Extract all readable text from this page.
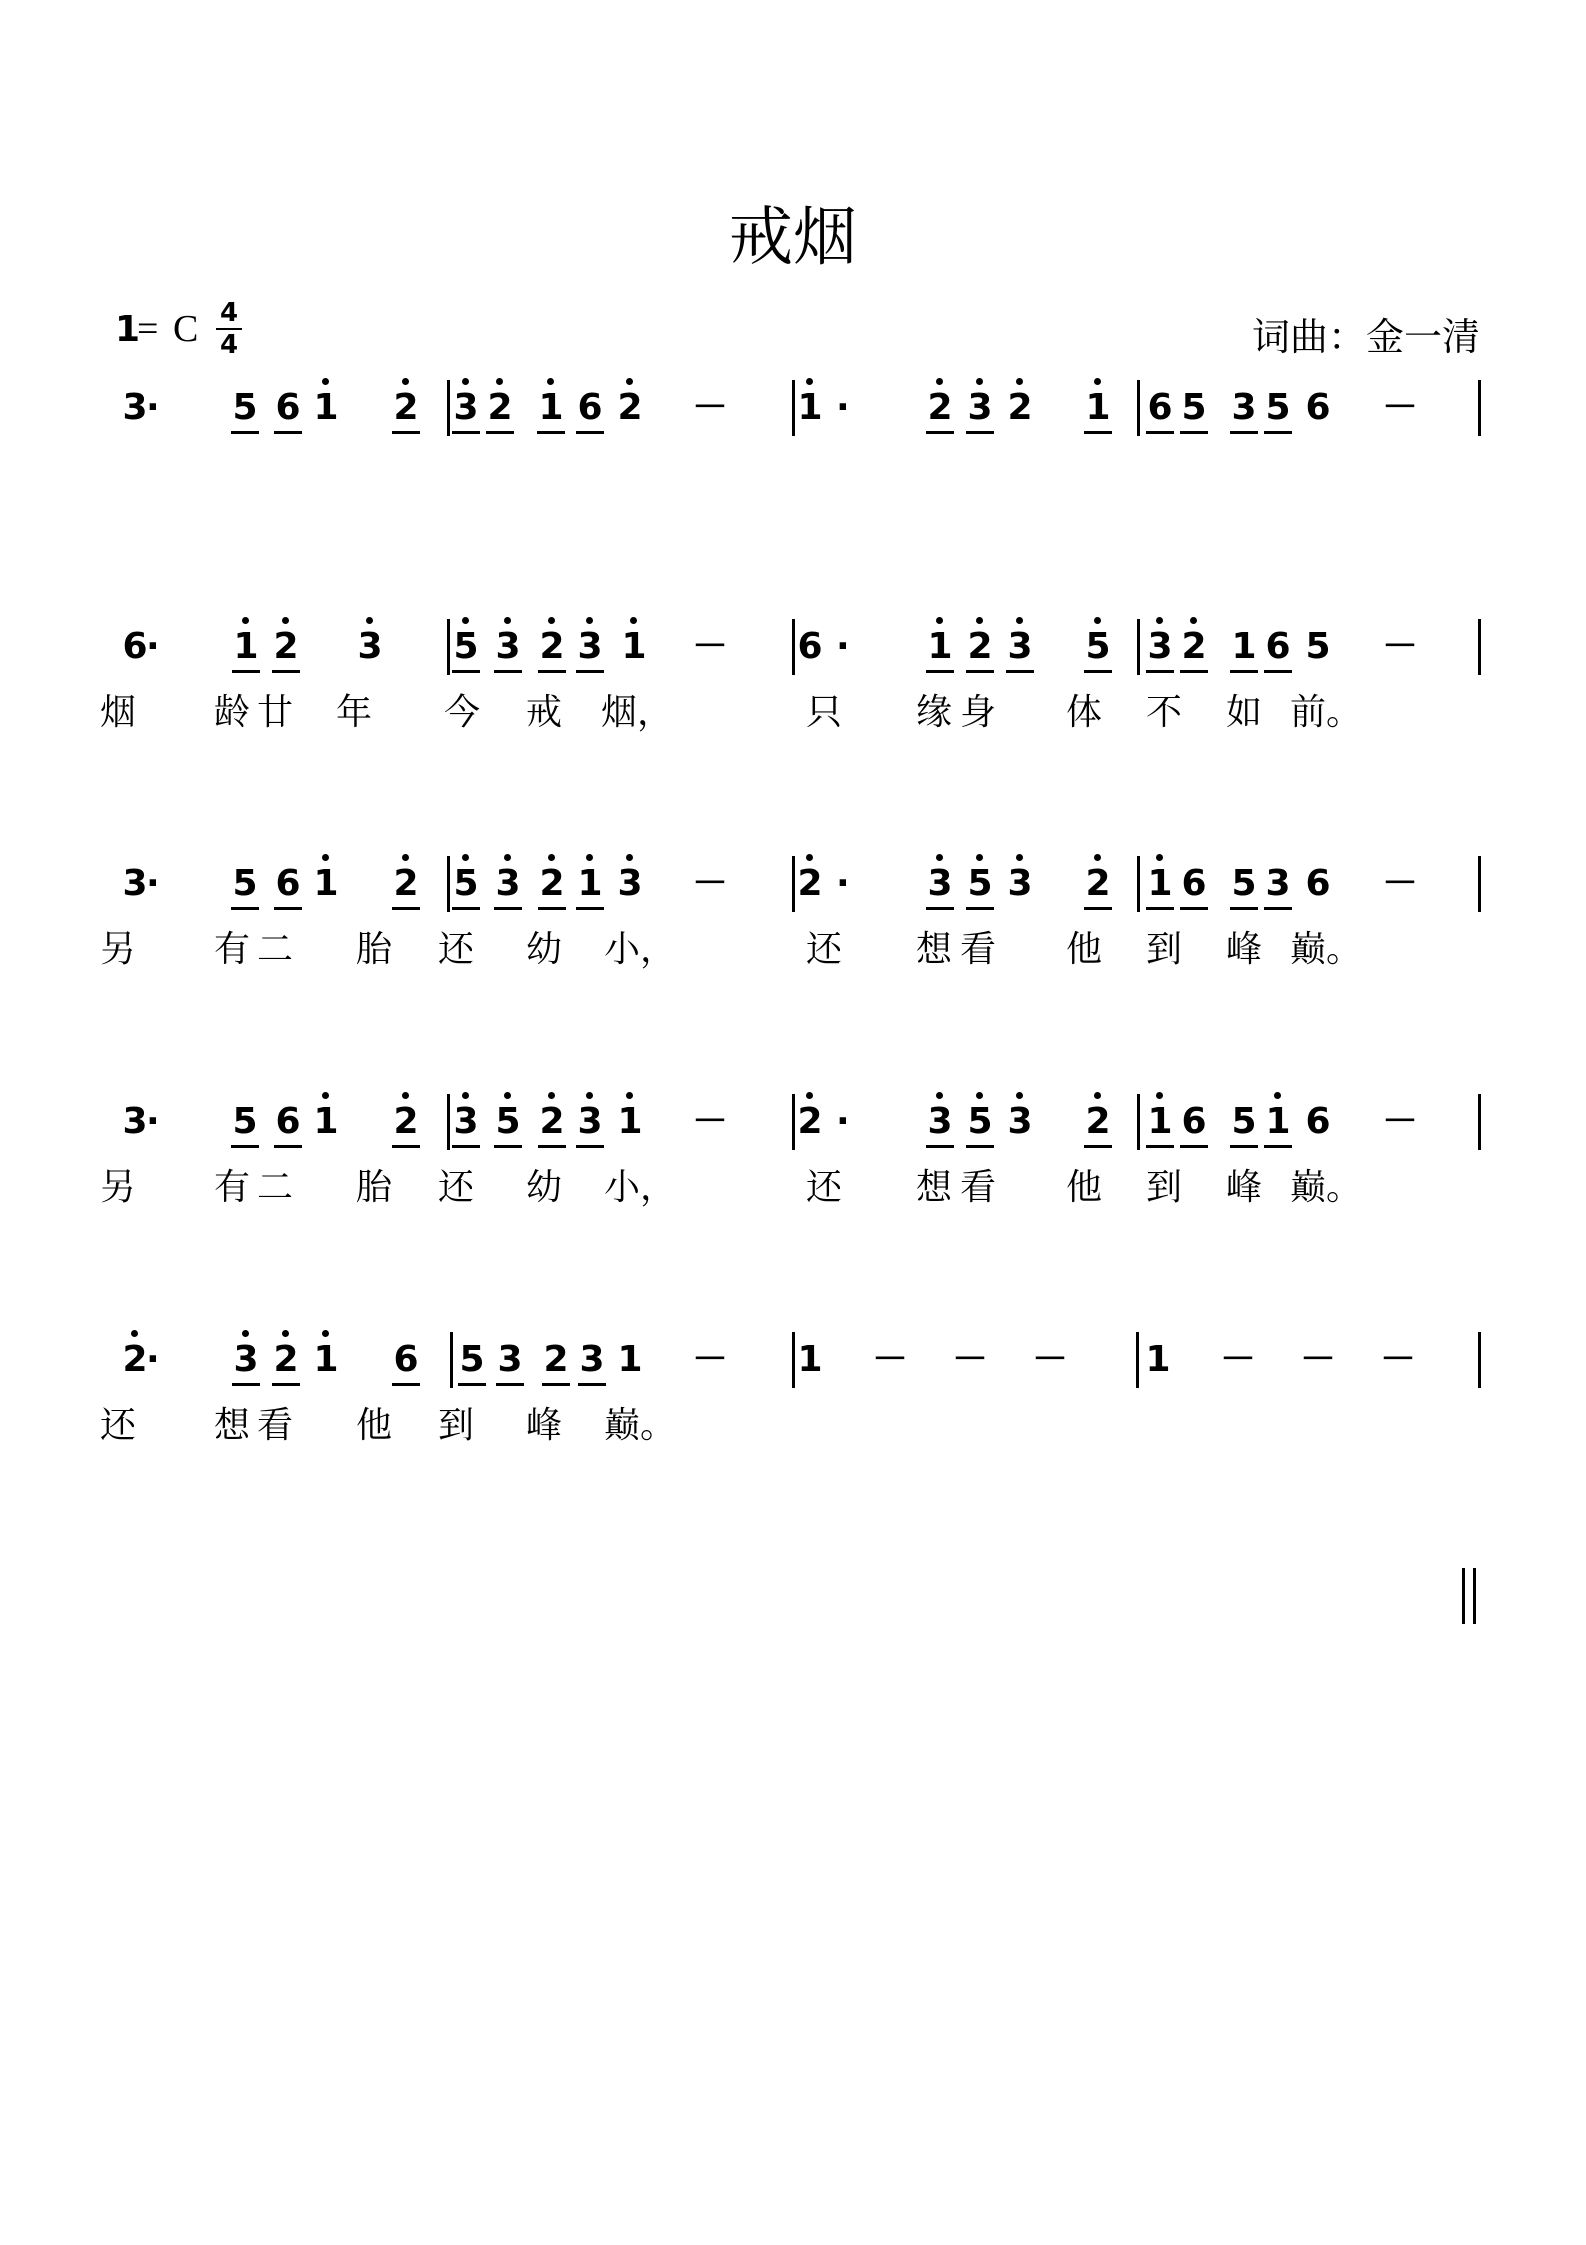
戒烟
1
= C 4
4	词曲：金一清
3 5 6 1 2 3 2 1 6 2 － 1	2 3 2 1 6 5 3 5 6 －
·	·
6 1 2 3 5 3 2 3 1 － 6	1 2 3 5 3 2 1 6 5 －
·	·
烟	龄 廿	年	今	戒	烟，	只	缘 身	体	不	如 前。
3 5 6 1 2 5 3 2 1 3 － 2	3 5 3 2 1 6 5 3 6 －
·	·
另	有 二	胎	还	幼	小，	还	想 看	他	到	峰 巅。
3 5 6 1 2 3 5 2 3 1 － 2	3 5 3 2 1 6 5 1 6 －
·	·
另	有 二	胎	还	幼	小，	还	想 看	他	到	峰 巅。
2 3 2 1 6 5 3 2 3 1 － 1 － － － 1 － － －
·
还	想 看	他	到	峰	巅。
